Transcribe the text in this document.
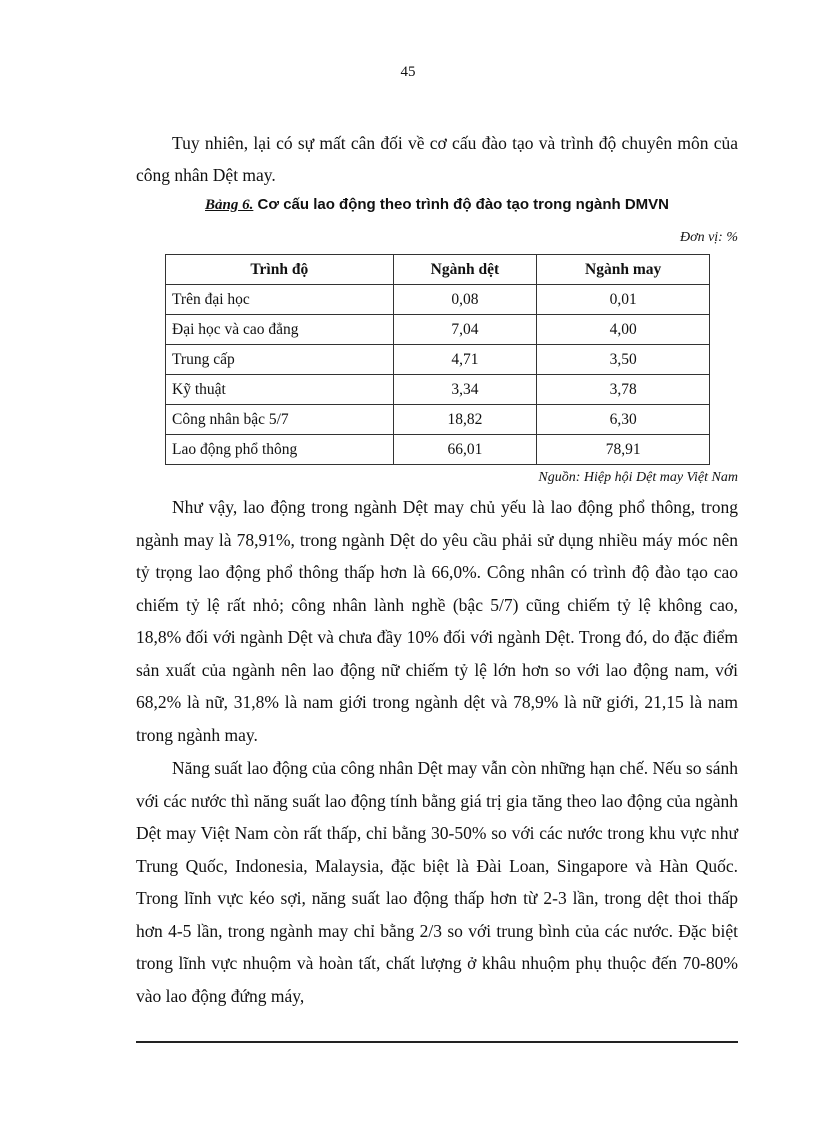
45

Tuy nhiên, lại có sự mất cân đối về cơ cấu đào tạo và trình độ chuyên môn của công nhân Dệt may.

Bảng 6. Cơ cấu lao động theo trình độ đào tạo trong ngành DMVN
Đơn vị: %
Trình độ	Ngành dệt	Ngành may
Trên đại học	0,08	0,01
Đại học và cao đẳng	7,04	4,00
Trung cấp	4,71	3,50
Kỹ thuật	3,34	3,78
Công nhân bậc 5/7	18,82	6,30
Lao động phổ thông	66,01	78,91
Nguồn: Hiệp hội Dệt may Việt Nam

Như vậy, lao động trong ngành Dệt may chủ yếu là lao động phổ thông, trong ngành may là 78,91%, trong ngành Dệt do yêu cầu phải sử dụng nhiều máy móc nên tỷ trọng lao động phổ thông thấp hơn là 66,0%. Công nhân có trình độ đào tạo cao chiếm tỷ lệ rất nhỏ; công nhân lành nghề (bậc 5/7) cũng chiếm tỷ lệ không cao, 18,8% đối với ngành Dệt và chưa đầy 10% đối với ngành Dệt. Trong đó, do đặc điểm sản xuất của ngành nên lao động nữ chiếm tỷ lệ lớn hơn so với lao động nam, với 68,2% là nữ, 31,8% là nam giới trong ngành dệt và 78,9% là nữ giới, 21,15 là nam trong ngành may.

Năng suất lao động của công nhân Dệt may vẫn còn những hạn chế. Nếu so sánh với các nước thì năng suất lao động tính bằng giá trị gia tăng theo lao động của ngành Dệt may Việt Nam còn rất thấp, chỉ bằng 30-50% so với các nước trong khu vực như Trung Quốc, Indonesia, Malaysia, đặc biệt là Đài Loan, Singapore và Hàn Quốc. Trong lĩnh vực kéo sợi, năng suất lao động thấp hơn từ 2-3 lần, trong dệt thoi thấp hơn 4-5 lần, trong ngành may chỉ bằng 2/3 so với trung bình của các nước. Đặc biệt trong lĩnh vực nhuộm và hoàn tất, chất lượng ở khâu nhuộm phụ thuộc đến 70-80% vào lao động đứng máy,
